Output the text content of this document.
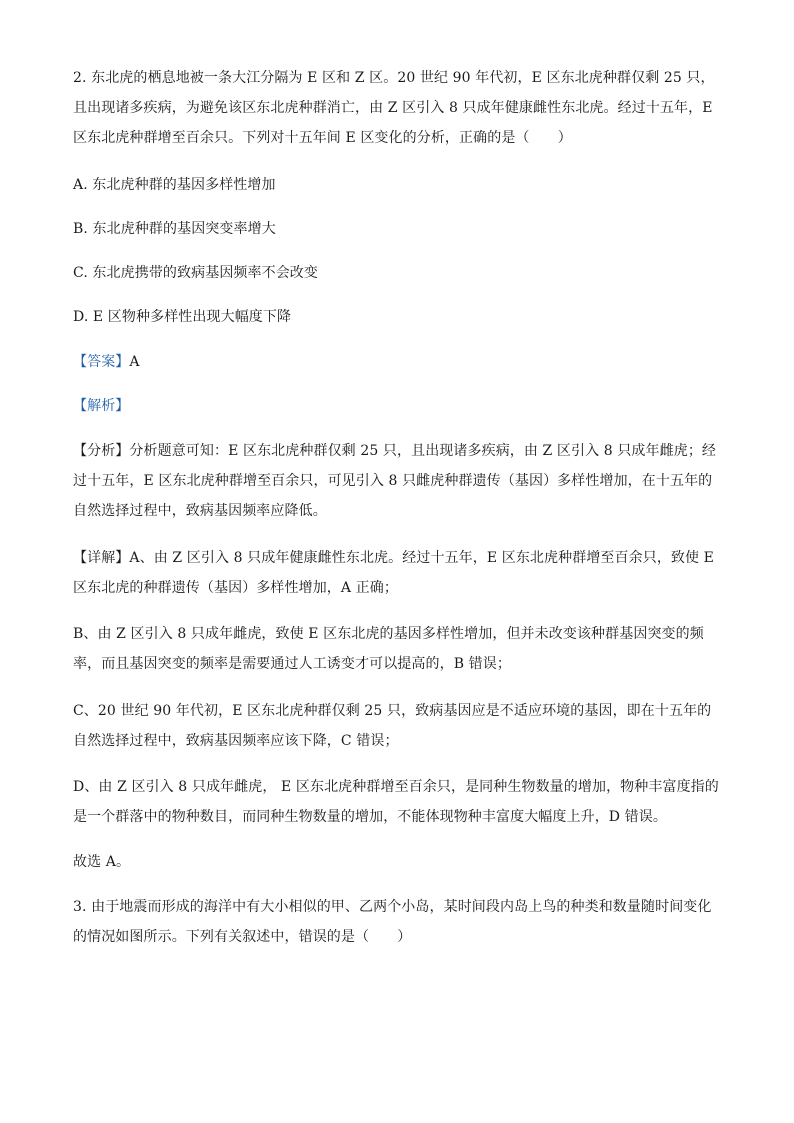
2. 东北虎的栖息地被一条大江分隔为 E 区和 Z 区。20 世纪 90 年代初，E 区东北虎种群仅剩 25 只，且出现诸多疾病，为避免该区东北虎种群消亡，由 Z 区引入 8 只成年健康雌性东北虎。经过十五年，E 区东北虎种群增至百余只。下列对十五年间 E 区变化的分析，正确的是（　　）

A. 东北虎种群的基因多样性增加

B. 东北虎种群的基因突变率增大

C. 东北虎携带的致病基因频率不会改变

D. E 区物种多样性出现大幅度下降

【答案】A

【解析】

【分析】分析题意可知：E 区东北虎种群仅剩 25 只，且出现诸多疾病，由 Z 区引入 8 只成年雌虎；经过十五年，E 区东北虎种群增至百余只，可见引入 8 只雌虎种群遗传（基因）多样性增加，在十五年的自然选择过程中，致病基因频率应降低。

【详解】A、由 Z 区引入 8 只成年健康雌性东北虎。经过十五年，E 区东北虎种群增至百余只，致使 E 区东北虎的种群遗传（基因）多样性增加，A 正确；

B、由 Z 区引入 8 只成年雌虎，致使 E 区东北虎的基因多样性增加，但并未改变该种群基因突变的频率，而且基因突变的频率是需要通过人工诱变才可以提高的，B 错误；

C、20 世纪 90 年代初，E 区东北虎种群仅剩 25 只，致病基因应是不适应环境的基因，即在十五年的自然选择过程中，致病基因频率应该下降，C 错误；

D、由 Z 区引入 8 只成年雌虎， E 区东北虎种群增至百余只，是同种生物数量的增加，物种丰富度指的是一个群落中的物种数目，而同种生物数量的增加，不能体现物种丰富度大幅度上升，D 错误。

故选 A。

3. 由于地震而形成的海洋中有大小相似的甲、乙两个小岛，某时间段内岛上鸟的种类和数量随时间变化的情况如图所示。下列有关叙述中，错误的是（　　）
